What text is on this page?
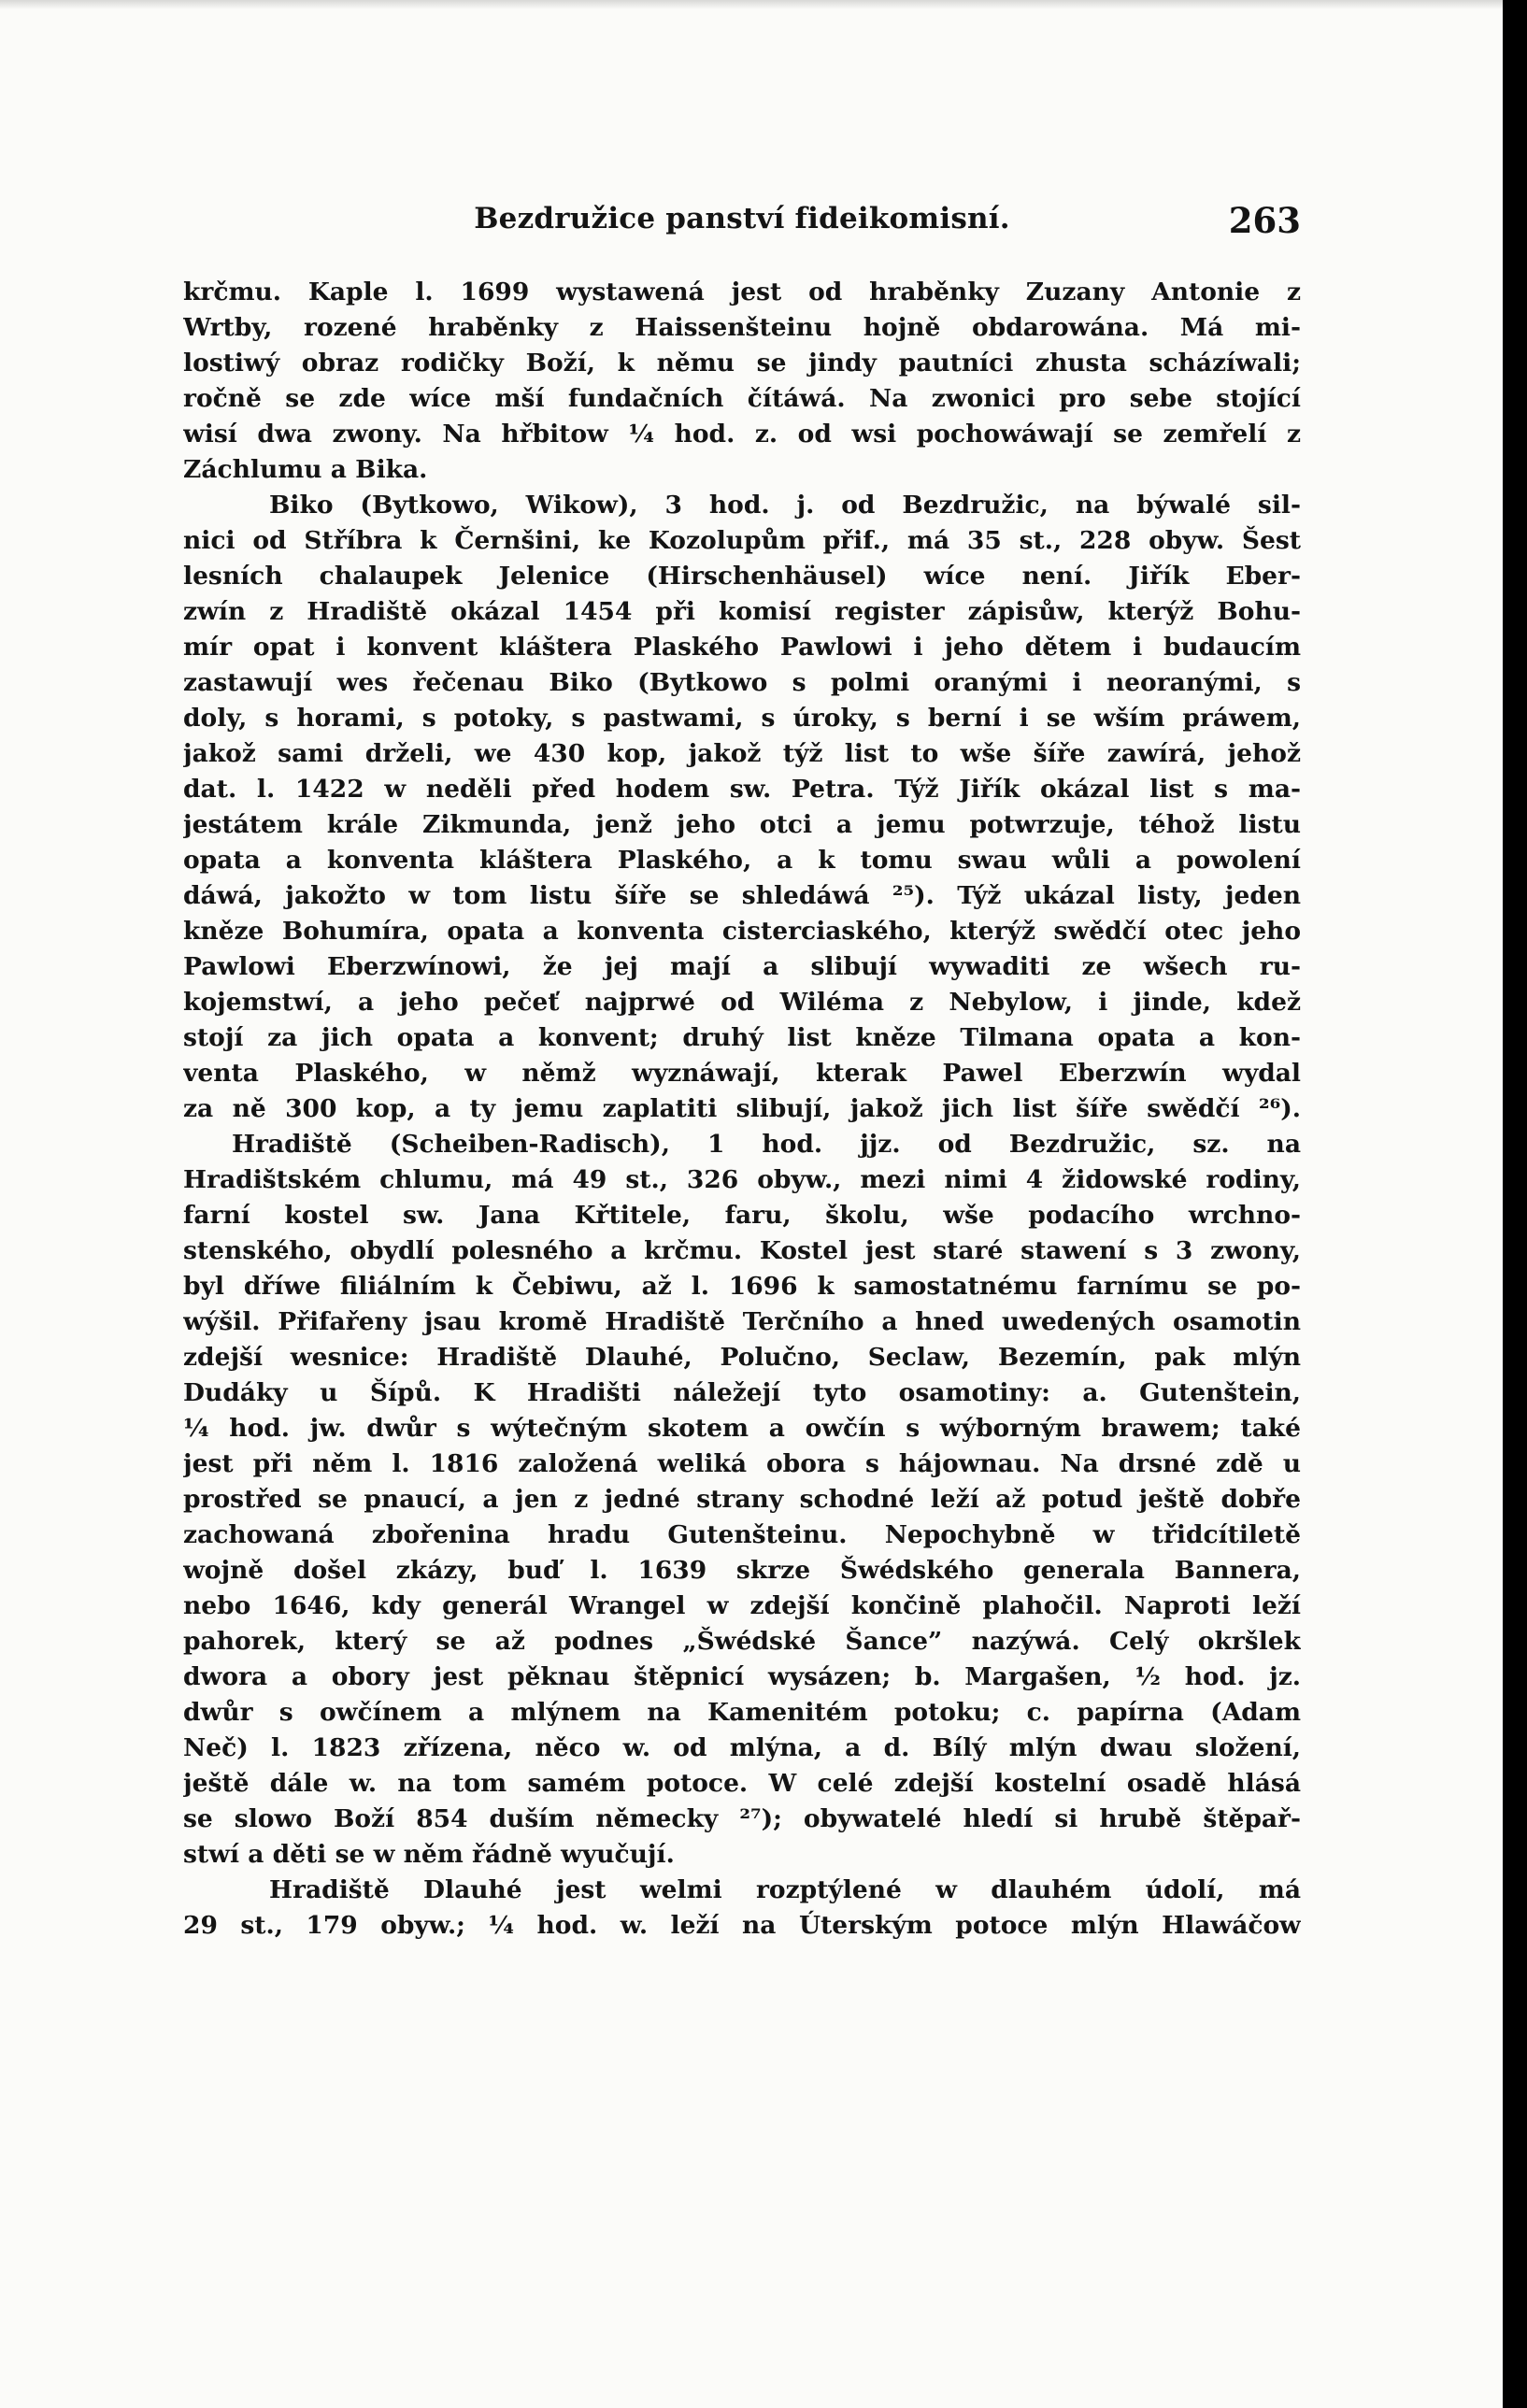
Bezdružice panství fideikomisní.	263
krčmu. Kaple l. 1699 wystawená jest od hraběnky Zuzany Antonie z
Wrtby, rozené hraběnky z Haissenšteinu hojně obdarowána. Má mi-
lostiwý obraz rodičky Boží, k němu se jindy pautníci zhusta scházíwali;
ročně se zde wíce mší fundačních čítáwá. Na zwonici pro sebe stojící
wisí dwa zwony. Na hřbitow ¼ hod. z. od wsi pochowáwají se zemřelí z
Záchlumu a Bika.
Biko (Bytkowo, Wikow), 3 hod. j. od Bezdružic, na býwalé sil-
nici od Stříbra k Černšini, ke Kozolupům přif., má 35 st., 228 obyw. Šest
lesních chalaupek Jelenice (Hirschenhäusel) wíce není. Jiřík Eber-
zwín z Hradiště okázal 1454 při komisí register zápisůw, kterýž Bohu-
mír opat i konvent kláštera Plaského Pawlowi i jeho dětem i budaucím
zastawují wes řečenau Biko (Bytkowo s polmi oranými i neoranými, s
doly, s horami, s potoky, s pastwami, s úroky, s berní i se wším práwem,
jakož sami drželi, we 430 kop, jakož týž list to wše šíře zawírá, jehož
dat. l. 1422 w neděli před hodem sw. Petra. Týž Jiřík okázal list s ma-
jestátem krále Zikmunda, jenž jeho otci a jemu potwrzuje, téhož listu
opata a konventa kláštera Plaského, a k tomu swau wůli a powolení
dáwá, jakožto w tom listu šíře se shledáwá ²⁵). Týž ukázal listy, jeden
kněze Bohumíra, opata a konventa cisterciaského, kterýž swědčí otec jeho
Pawlowi Eberzwínowi, že jej mají a slibují wywaditi ze wšech ru-
kojemstwí, a jeho pečeť najprwé od Wiléma z Nebylow, i jinde, kdež
stojí za jich opata a konvent; druhý list kněze Tilmana opata a kon-
venta Plaského, w němž wyznáwají, kterak Pawel Eberzwín wydal
za ně 300 kop, a ty jemu zaplatiti slibují, jakož jich list šíře swědčí ²⁶).
Hradiště (Scheiben-Radisch), 1 hod. jjz. od Bezdružic, sz. na
Hradištském chlumu, má 49 st., 326 obyw., mezi nimi 4 židowské rodiny,
farní kostel sw. Jana Křtitele, faru, školu, wše podacího wrchno-
stenského, obydlí polesného a krčmu. Kostel jest staré stawení s 3 zwony,
byl dříwe filiálním k Čebiwu, až l. 1696 k samostatnému farnímu se po-
wýšil. Přifařeny jsau kromě Hradiště Terčního a hned uwedených osamotin
zdejší wesnice: Hradiště Dlauhé, Polučno, Seclaw, Bezemín, pak mlýn
Dudáky u Šípů. K Hradišti náležejí tyto osamotiny: a. Gutenštein,
¼ hod. jw. dwůr s wýtečným skotem a owčín s wýborným brawem; také
jest při něm l. 1816 založená weliká obora s hájownau. Na drsné zdě u
prostřed se pnaucí, a jen z jedné strany schodné leží až potud ještě dobře
zachowaná zbořenina hradu Gutenšteinu. Nepochybně w třidcítiletě
wojně došel zkázy, buď l. 1639 skrze Šwédského generala Bannera,
nebo 1646, kdy generál Wrangel w zdejší končině plahočil. Naproti leží
pahorek, který se až podnes „Šwédské Šance” nazýwá. Celý okršlek
dwora a obory jest pěknau štěpnicí wysázen; b. Margašen, ½ hod. jz.
dwůr s owčínem a mlýnem na Kamenitém potoku; c. papírna (Adam
Neč) l. 1823 zřízena, něco w. od mlýna, a d. Bílý mlýn dwau složení,
ještě dále w. na tom samém potoce. W celé zdejší kostelní osadě hlásá
se slowo Boží 854 duším německy ²⁷); obywatelé hledí si hrubě štěpař-
stwí a děti se w něm řádně wyučují.
Hradiště Dlauhé jest welmi rozptýlené w dlauhém údolí, má
29 st., 179 obyw.; ¼ hod. w. leží na Úterským potoce mlýn Hlawáčow
